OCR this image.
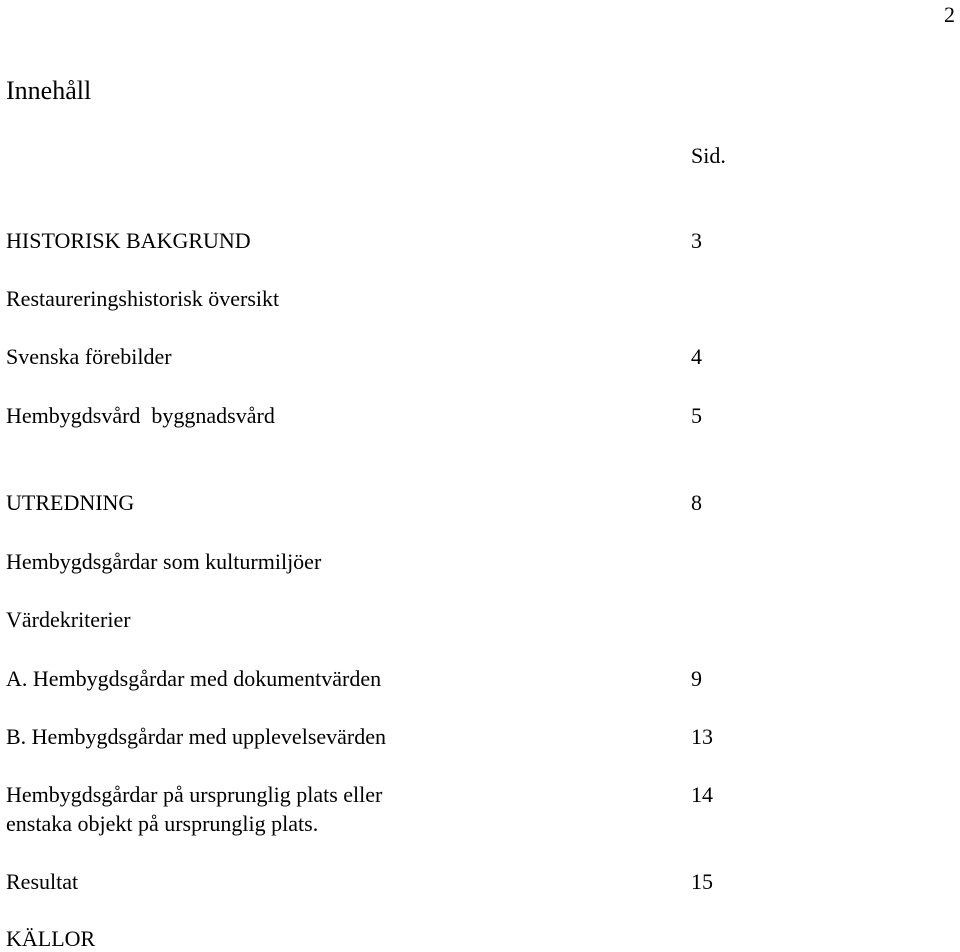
2
Innehåll
Sid.
HISTORISK BAKGRUND	3
Restaureringshistorisk översikt
Svenska förebilder	4
Hembygdsvård  byggnadsvård	5
UTREDNING	8
Hembygdsgårdar som kulturmiljöer
Värdekriterier
A. Hembygdsgårdar med dokumentvärden	9
B. Hembygdsgårdar med upplevelsevärden	13
Hembygdsgårdar på ursprunglig plats eller	14
enstaka objekt på ursprunglig plats.
Resultat	15
KÄLLOR
